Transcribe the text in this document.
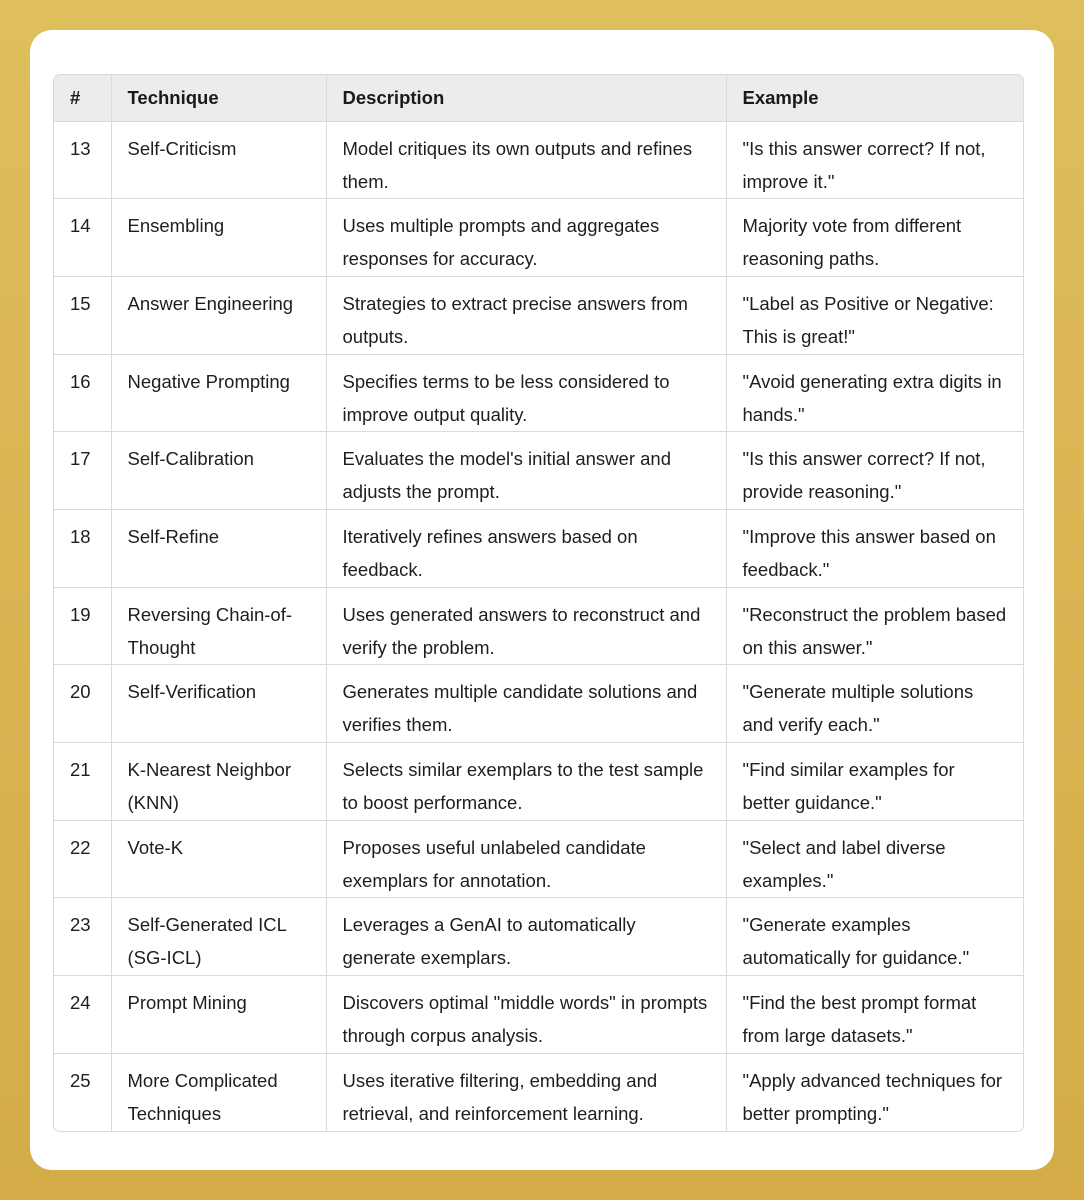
#	Technique	Description	Example
13	Self-Criticism	Model critiques its own outputs and refines them.	"Is this answer correct? If not, improve it."
14	Ensembling	Uses multiple prompts and aggregates responses for accuracy.	Majority vote from different reasoning paths.
15	Answer Engineering	Strategies to extract precise answers from outputs.	"Label as Positive or Negative: This is great!"
16	Negative Prompting	Specifies terms to be less considered to improve output quality.	"Avoid generating extra digits in hands."
17	Self-Calibration	Evaluates the model's initial answer and adjusts the prompt.	"Is this answer correct? If not, provide reasoning."
18	Self-Refine	Iteratively refines answers based on feedback.	"Improve this answer based on feedback."
19	Reversing Chain-of-Thought	Uses generated answers to reconstruct and verify the problem.	"Reconstruct the problem based on this answer."
20	Self-Verification	Generates multiple candidate solutions and verifies them.	"Generate multiple solutions and verify each."
21	K-Nearest Neighbor (KNN)	Selects similar exemplars to the test sample to boost performance.	"Find similar examples for better guidance."
22	Vote-K	Proposes useful unlabeled candidate exemplars for annotation.	"Select and label diverse examples."
23	Self-Generated ICL (SG-ICL)	Leverages a GenAI to automatically generate exemplars.	"Generate examples automatically for guidance."
24	Prompt Mining	Discovers optimal "middle words" in prompts through corpus analysis.	"Find the best prompt format from large datasets."
25	More Complicated Techniques	Uses iterative filtering, embedding and retrieval, and reinforcement learning.	"Apply advanced techniques for better prompting."
